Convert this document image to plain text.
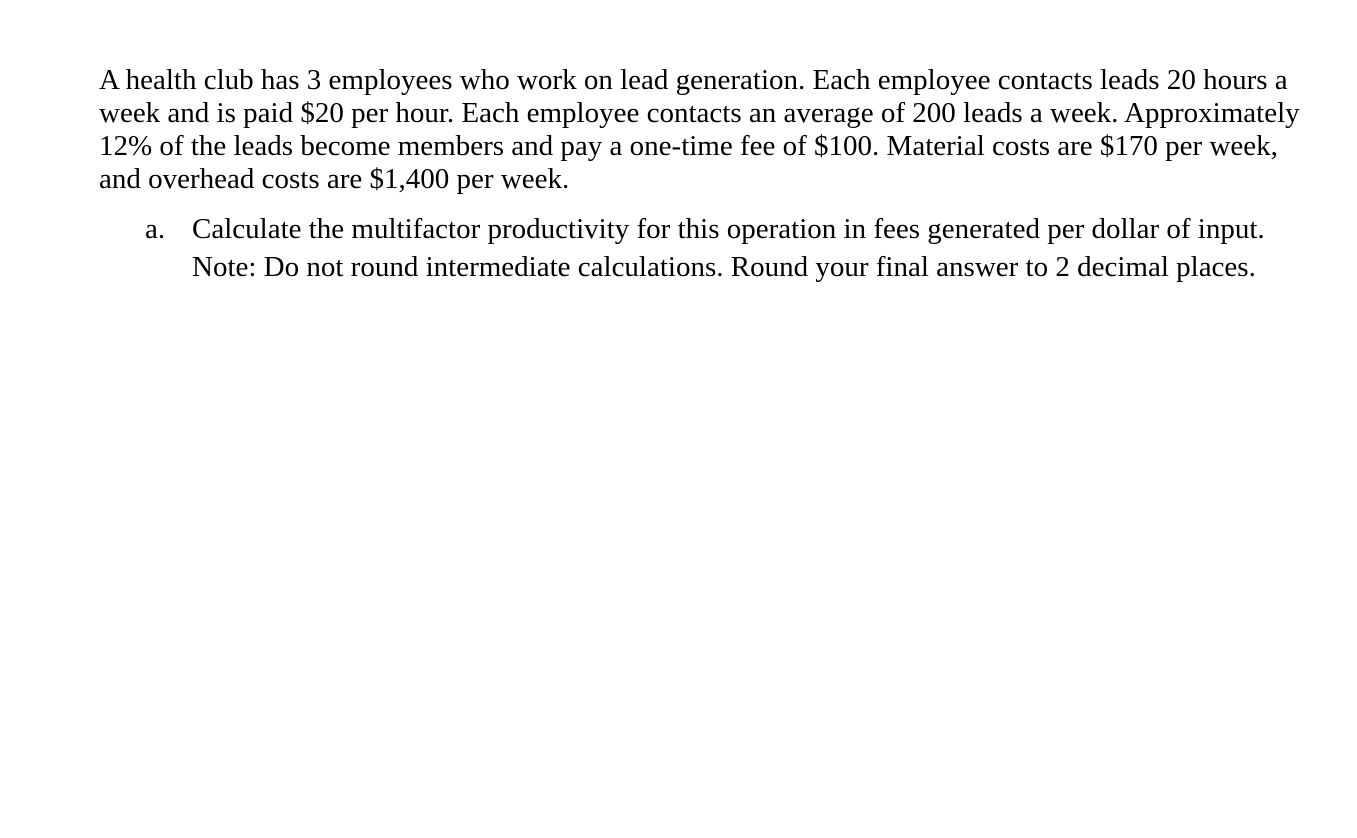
A health club has 3 employees who work on lead generation. Each employee contacts leads 20 hours a week and is paid $20 per hour. Each employee contacts an average of 200 leads a week. Approximately 12% of the leads become members and pay a one-time fee of $100. Material costs are $170 per week, and overhead costs are $1,400 per week.

a. Calculate the multifactor productivity for this operation in fees generated per dollar of input.

Note: Do not round intermediate calculations. Round your final answer to 2 decimal places.
